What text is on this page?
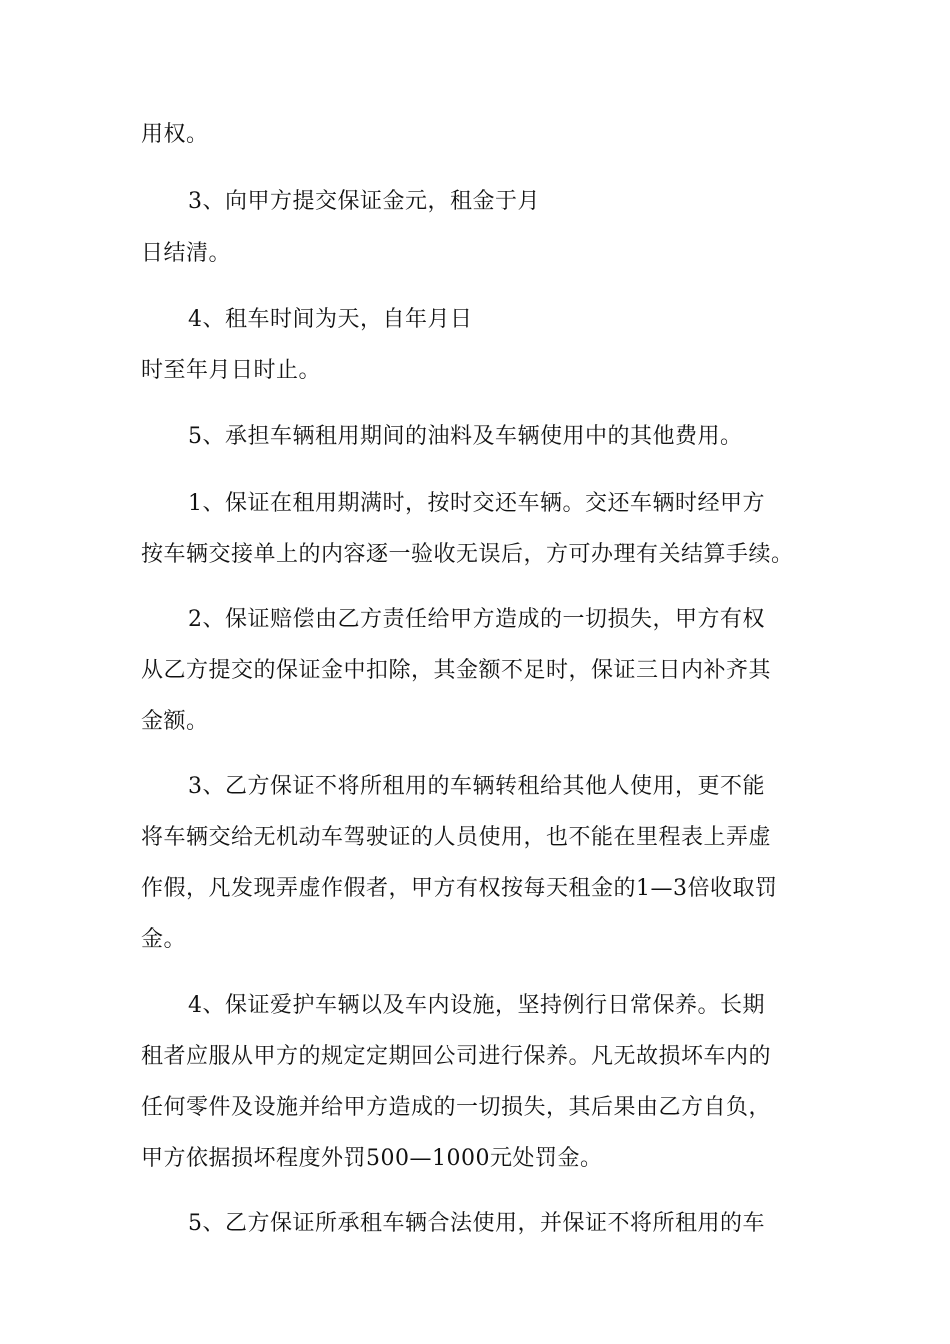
用权。
3、向甲方提交保证金元，租金于月
日结清。
4、租车时间为天，自年月日
时至年月日时止。
5、承担车辆租用期间的油料及车辆使用中的其他费用。
1、保证在租用期满时，按时交还车辆。交还车辆时经甲方
按车辆交接单上的内容逐一验收无误后，方可办理有关结算手续。
2、保证赔偿由乙方责任给甲方造成的一切损失，甲方有权
从乙方提交的保证金中扣除，其金额不足时，保证三日内补齐其
金额。
3、乙方保证不将所租用的车辆转租给其他人使用，更不能
将车辆交给无机动车驾驶证的人员使用，也不能在里程表上弄虚
作假，凡发现弄虚作假者，甲方有权按每天租金的1—3倍收取罚
金。
4、保证爱护车辆以及车内设施，坚持例行日常保养。长期
租者应服从甲方的规定定期回公司进行保养。凡无故损坏车内的
任何零件及设施并给甲方造成的一切损失，其后果由乙方自负，
甲方依据损坏程度外罚500—1000元处罚金。
5、乙方保证所承租车辆合法使用，并保证不将所租用的车
